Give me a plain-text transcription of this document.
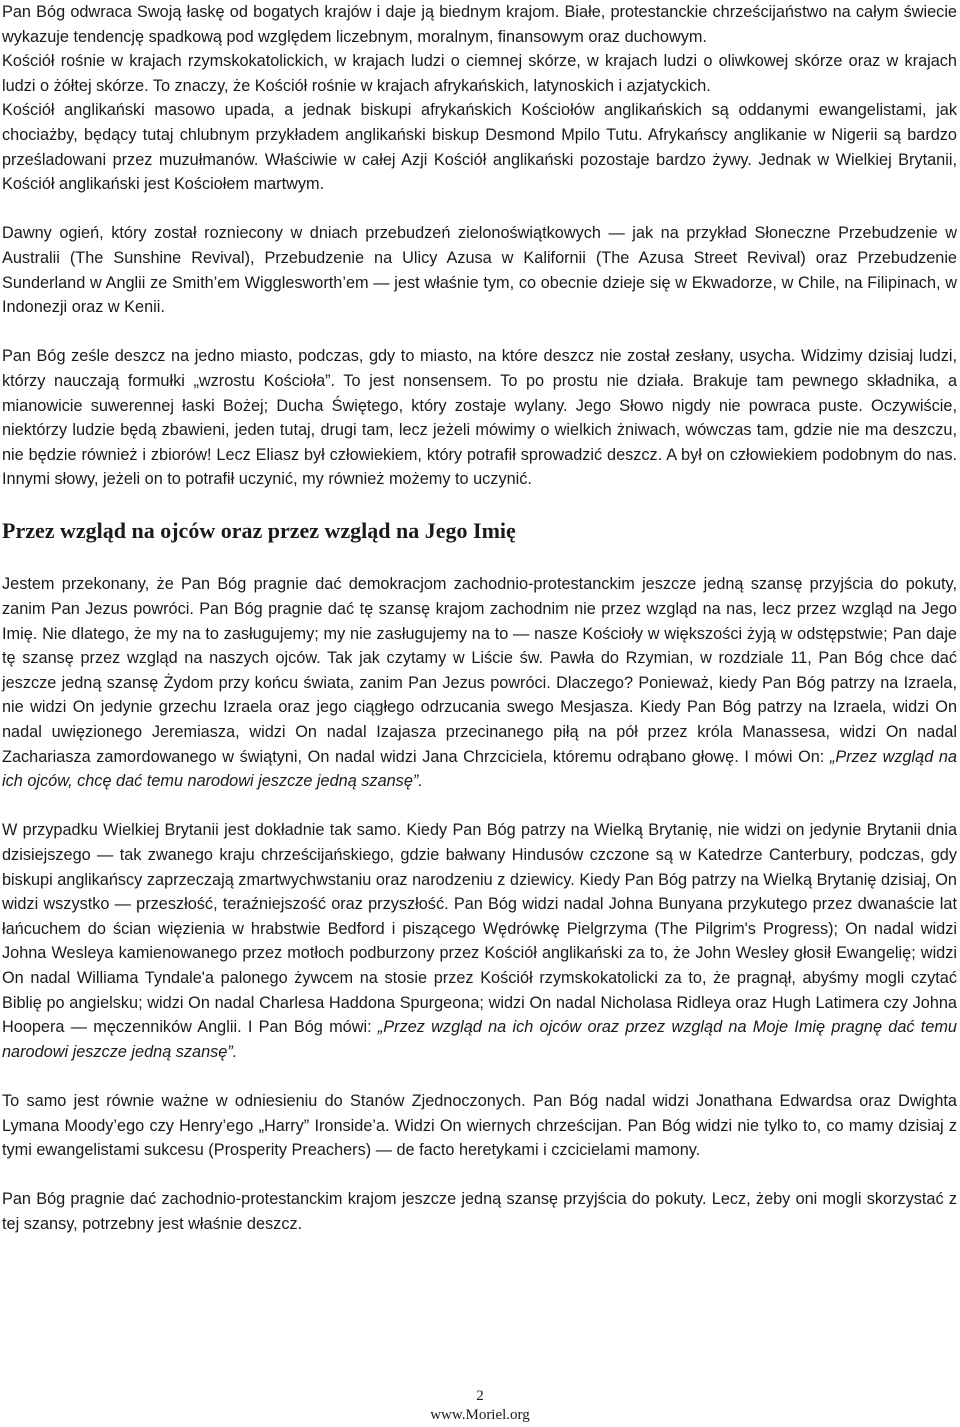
Pan Bóg odwraca Swoją łaskę od bogatych krajów i daje ją biednym krajom. Białe, protestanckie chrześcijaństwo na całym świecie wykazuje tendencję spadkową pod względem liczebnym, moralnym, finansowym oraz duchowym.

Kościół rośnie w krajach rzymskokatolickich, w krajach ludzi o ciemnej skórze, w krajach ludzi o oliwkowej skórze oraz w krajach ludzi o żółtej skórze. To znaczy, że Kościół rośnie w krajach afrykańskich, latynoskich i azjatyckich.

Kościół anglikański masowo upada, a jednak biskupi afrykańskich Kościołów anglikańskich są oddanymi ewangelistami, jak chociażby, będący tutaj chlubnym przykładem anglikański biskup Desmond Mpilo Tutu. Afrykańscy anglikanie w Nigerii są bardzo prześladowani przez muzułmanów. Właściwie w całej Azji Kościół anglikański pozostaje bardzo żywy. Jednak w Wielkiej Brytanii, Kościół anglikański jest Kościołem martwym.

Dawny ogień, który został rozniecony w dniach przebudzeń zielonoświątkowych ― jak na przykład Słoneczne Przebudzenie w Australii (The Sunshine Revival), Przebudzenie na Ulicy Azusa w Kalifornii (The Azusa Street Revival) oraz Przebudzenie Sunderland w Anglii ze Smith’em Wigglesworth’em ― jest właśnie tym, co obecnie dzieje się w Ekwadorze, w Chile, na Filipinach, w Indonezji oraz w Kenii.

Pan Bóg ześle deszcz na jedno miasto, podczas, gdy to miasto, na które deszcz nie został zesłany, usycha. Widzimy dzisiaj ludzi, którzy nauczają formułki „wzrostu Kościoła”. To jest nonsensem. To po prostu nie działa. Brakuje tam pewnego składnika, a mianowicie suwerennej łaski Bożej; Ducha Świętego, który zostaje wylany. Jego Słowo nigdy nie powraca puste. Oczywiście, niektórzy ludzie będą zbawieni, jeden tutaj, drugi tam, lecz jeżeli mówimy o wielkich żniwach, wówczas tam, gdzie nie ma deszczu, nie będzie również i zbiorów! Lecz Eliasz był człowiekiem, który potrafił sprowadzić deszcz. A był on człowiekiem podobnym do nas. Innymi słowy, jeżeli on to potrafił uczynić, my również możemy to uczynić.

Przez wzgląd na ojców oraz przez wzgląd na Jego Imię

Jestem przekonany, że Pan Bóg pragnie dać demokracjom zachodnio-protestanckim jeszcze jedną szansę przyjścia do pokuty, zanim Pan Jezus powróci. Pan Bóg pragnie dać tę szansę krajom zachodnim nie przez wzgląd na nas, lecz przez wzgląd na Jego Imię. Nie dlatego, że my na to zasługujemy; my nie zasługujemy na to ― nasze Kościoły w większości żyją w odstępstwie; Pan daje tę szansę przez wzgląd na naszych ojców. Tak jak czytamy w Liście św. Pawła do Rzymian, w rozdziale 11, Pan Bóg chce dać jeszcze jedną szansę Żydom przy końcu świata, zanim Pan Jezus powróci. Dlaczego? Ponieważ, kiedy Pan Bóg patrzy na Izraela, nie widzi On jedynie grzechu Izraela oraz jego ciągłego odrzucania swego Mesjasza. Kiedy Pan Bóg patrzy na Izraela, widzi On nadal uwięzionego Jeremiasza, widzi On nadal Izajasza przecinanego piłą na pół przez króla Manassesa, widzi On nadal Zachariasza zamordowanego w świątyni, On nadal widzi Jana Chrzciciela, któremu odrąbano głowę. I mówi On: „Przez wzgląd na ich ojców, chcę dać temu narodowi jeszcze jedną szansę”.

W przypadku Wielkiej Brytanii jest dokładnie tak samo. Kiedy Pan Bóg patrzy na Wielką Brytanię, nie widzi on jedynie Brytanii dnia dzisiejszego ― tak zwanego kraju chrześcijańskiego, gdzie bałwany Hindusów czczone są w Katedrze Canterbury, podczas, gdy biskupi anglikańscy zaprzeczają zmartwychwstaniu oraz narodzeniu z dziewicy. Kiedy Pan Bóg patrzy na Wielką Brytanię dzisiaj, On widzi wszystko ― przeszłość, teraźniejszość oraz przyszłość. Pan Bóg widzi nadal Johna Bunyana przykutego przez dwanaście lat łańcuchem do ścian więzienia w hrabstwie Bedford i piszącego Wędrówkę Pielgrzyma (The Pilgrim's Progress); On nadal widzi Johna Wesleya kamienowanego przez motłoch podburzony przez Kościół anglikański za to, że John Wesley głosił Ewangelię; widzi On nadal Williama Tyndale'a palonego żywcem na stosie przez Kościół rzymskokatolicki za to, że pragnął, abyśmy mogli czytać Biblię po angielsku; widzi On nadal Charlesa Haddona Spurgeona; widzi On nadal Nicholasa Ridleya oraz Hugh Latimera czy Johna Hoopera ― męczenników Anglii. I Pan Bóg mówi: „Przez wzgląd na ich ojców oraz przez wzgląd na Moje Imię pragnę dać temu narodowi jeszcze jedną szansę”.

To samo jest równie ważne w odniesieniu do Stanów Zjednoczonych. Pan Bóg nadal widzi Jonathana Edwardsa oraz Dwighta Lymana Moody’ego czy Henry’ego „Harry” Ironside’a. Widzi On wiernych chrześcijan. Pan Bóg widzi nie tylko to, co mamy dzisiaj z tymi ewangelistami sukcesu (Prosperity Preachers) ― de facto heretykami i czcicielami mamony.

Pan Bóg pragnie dać zachodnio-protestanckim krajom jeszcze jedną szansę przyjścia do pokuty. Lecz, żeby oni mogli skorzystać z tej szansy, potrzebny jest właśnie deszcz.

2
www.Moriel.org
